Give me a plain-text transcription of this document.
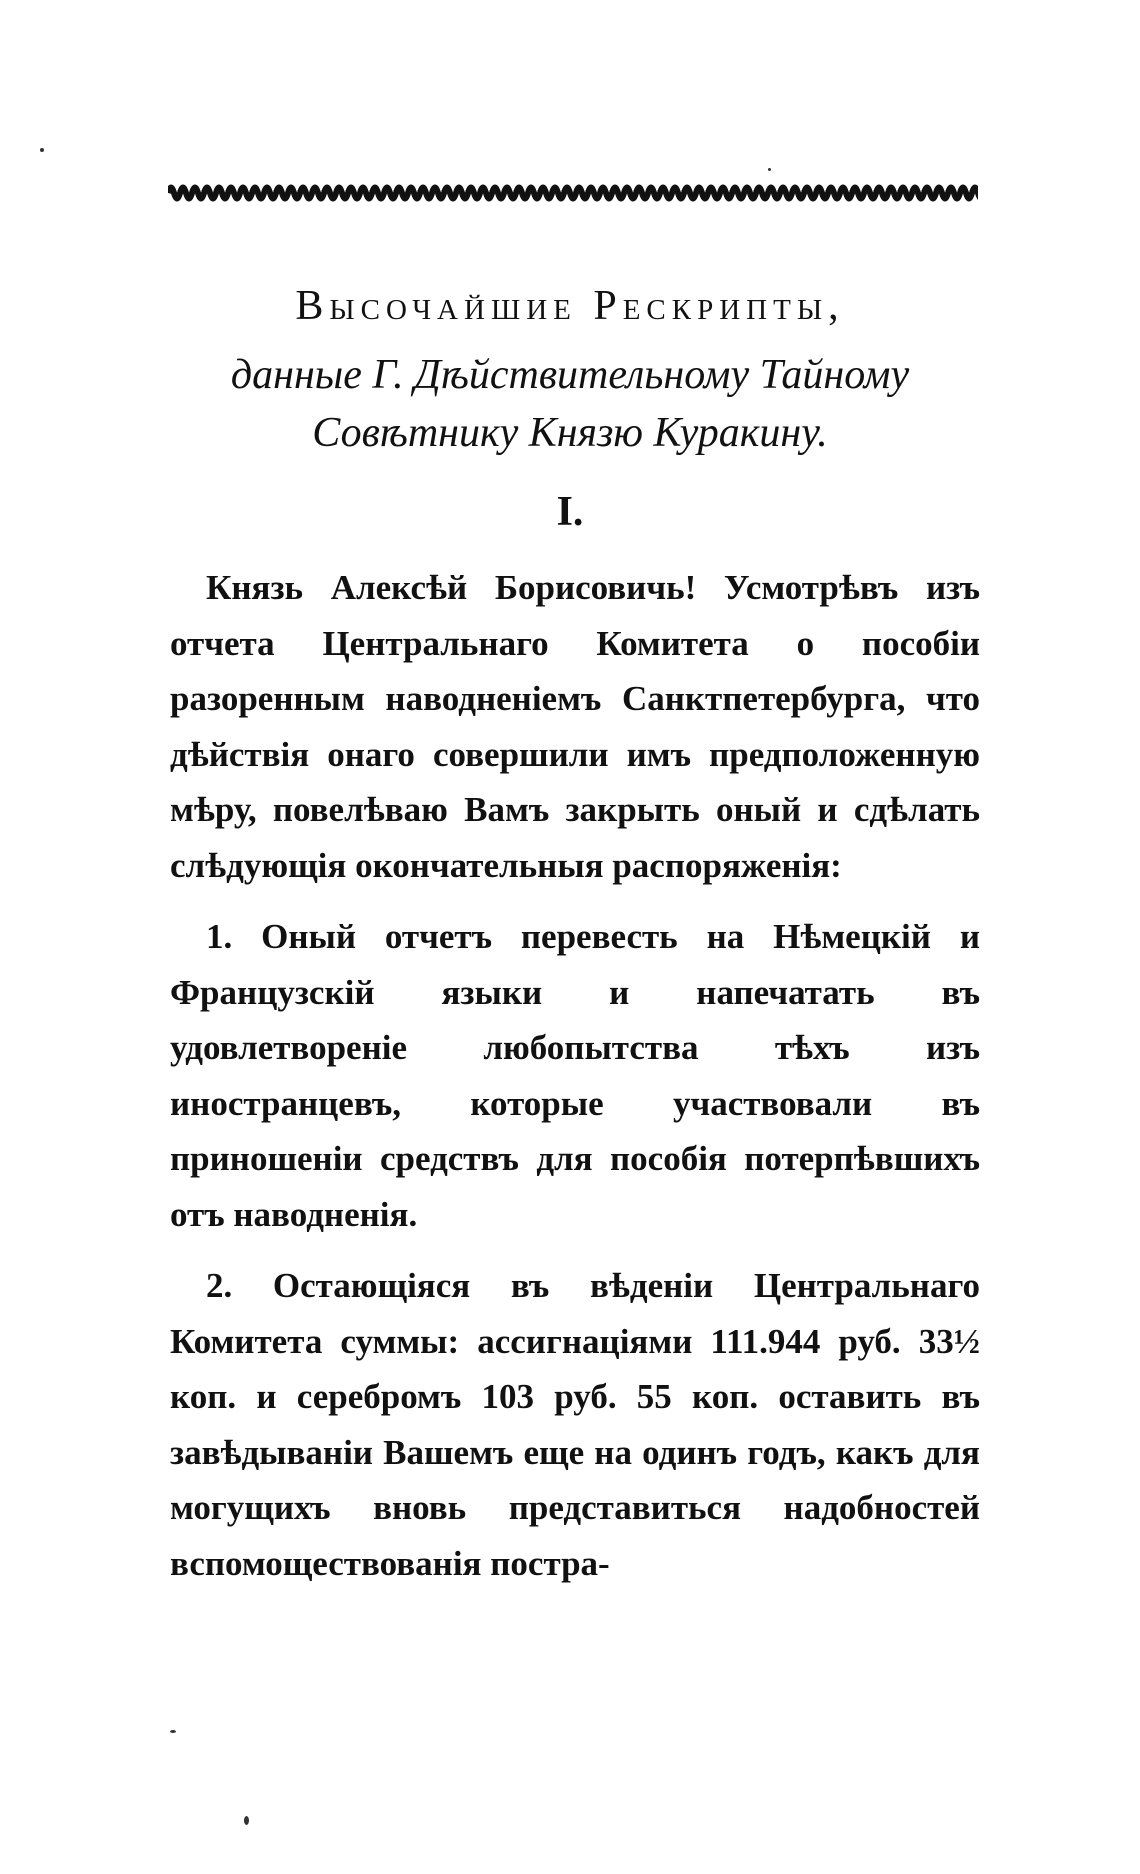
Высочайшие Рескрипты,
данные Г. Дѣйствительному Тайному
Совѣтнику Князю Куракину.
I.

Князь Алексѣй Борисовичь! Усмотрѣвъ изъ отчета Центральнаго Комитета о пособіи разоренным наводненіемъ Санктпетербурга, что дѣйствія онаго совершили имъ предположенную мѣру, повелѣваю Вамъ закрыть оный и сдѣлать слѣдующія окончательныя распоряженія:

1. Оный отчетъ перевесть на Нѣмецкій и Французскій языки и напечатать въ удовлетвореніе любопытства тѣхъ изъ иностранцевъ, которые участвовали въ приношеніи средствъ для пособія потерпѣвшихъ отъ наводненія.

2. Остающіяся въ вѣденіи Центральнаго Комитета суммы: ассигнаціями 111.944 руб. 33½ коп. и серебромъ 103 руб. 55 коп. оставить въ завѣдываніи Вашемъ еще на одинъ годъ, какъ для могущихъ вновь представиться надобностей вспомоществованія постра-
